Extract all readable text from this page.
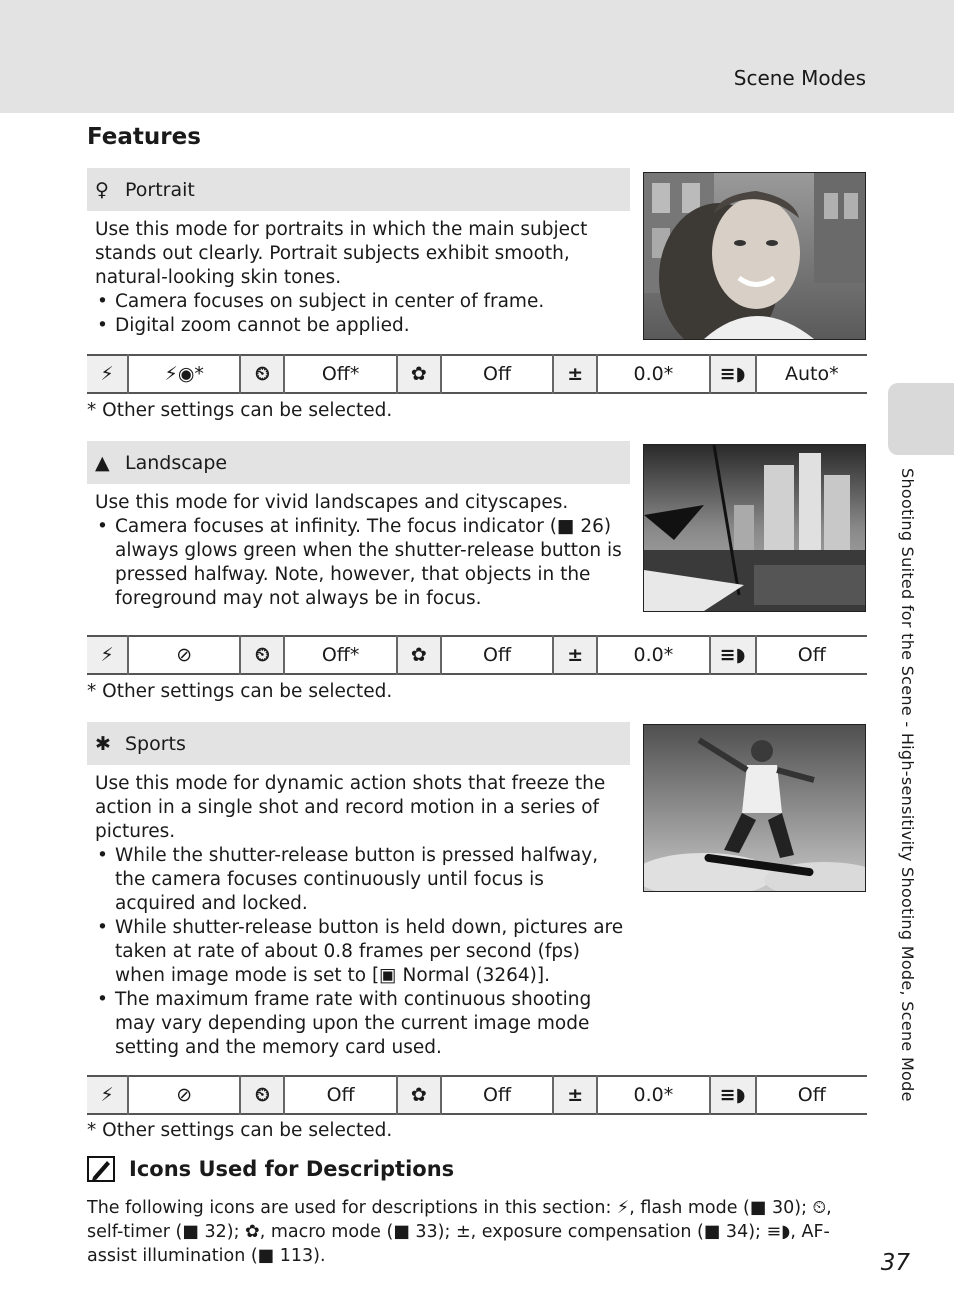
Scene Modes
Features
Shooting Suited for the Scene - High-sensitivity Shooting Mode, Scene Mode
♀ Portrait

Use this mode for portraits in which the main subject stands out clearly. Portrait subjects exhibit smooth, natural-looking skin tones.

• Camera focuses on subject in center of frame.
• Digital zoom cannot be applied.
⚡	⚡◉*	⏲	Off*	✿	Off	±	0.0*	≡◗	Auto*
* Other settings can be selected.
▲ Landscape

Use this mode for vivid landscapes and cityscapes.

• Camera focuses at infinity. The focus indicator (■ 26) always glows green when the shutter-release button is pressed halfway. Note, however, that objects in the foreground may not always be in focus.
⚡	⊘	⏲	Off*	✿	Off	±	0.0*	≡◗	Off
* Other settings can be selected.
✱ Sports

Use this mode for dynamic action shots that freeze the action in a single shot and record motion in a series of pictures.

• While the shutter-release button is pressed halfway, the camera focuses continuously until focus is acquired and locked.
• While shutter-release button is held down, pictures are taken at rate of about 0.8 frames per second (fps) when image mode is set to [▣ Normal (3264)].
• The maximum frame rate with continuous shooting may vary depending upon the current image mode setting and the memory card used.
⚡	⊘	⏲	Off	✿	Off	±	0.0*	≡◗	Off
* Other settings can be selected.
Icons Used for Descriptions
The following icons are used for descriptions in this section: ⚡, flash mode (■ 30); ⏲, self-timer (■ 32); ✿, macro mode (■ 33); ±, exposure compensation (■ 34); ≡◗, AF-assist illumination (■ 113).	37
